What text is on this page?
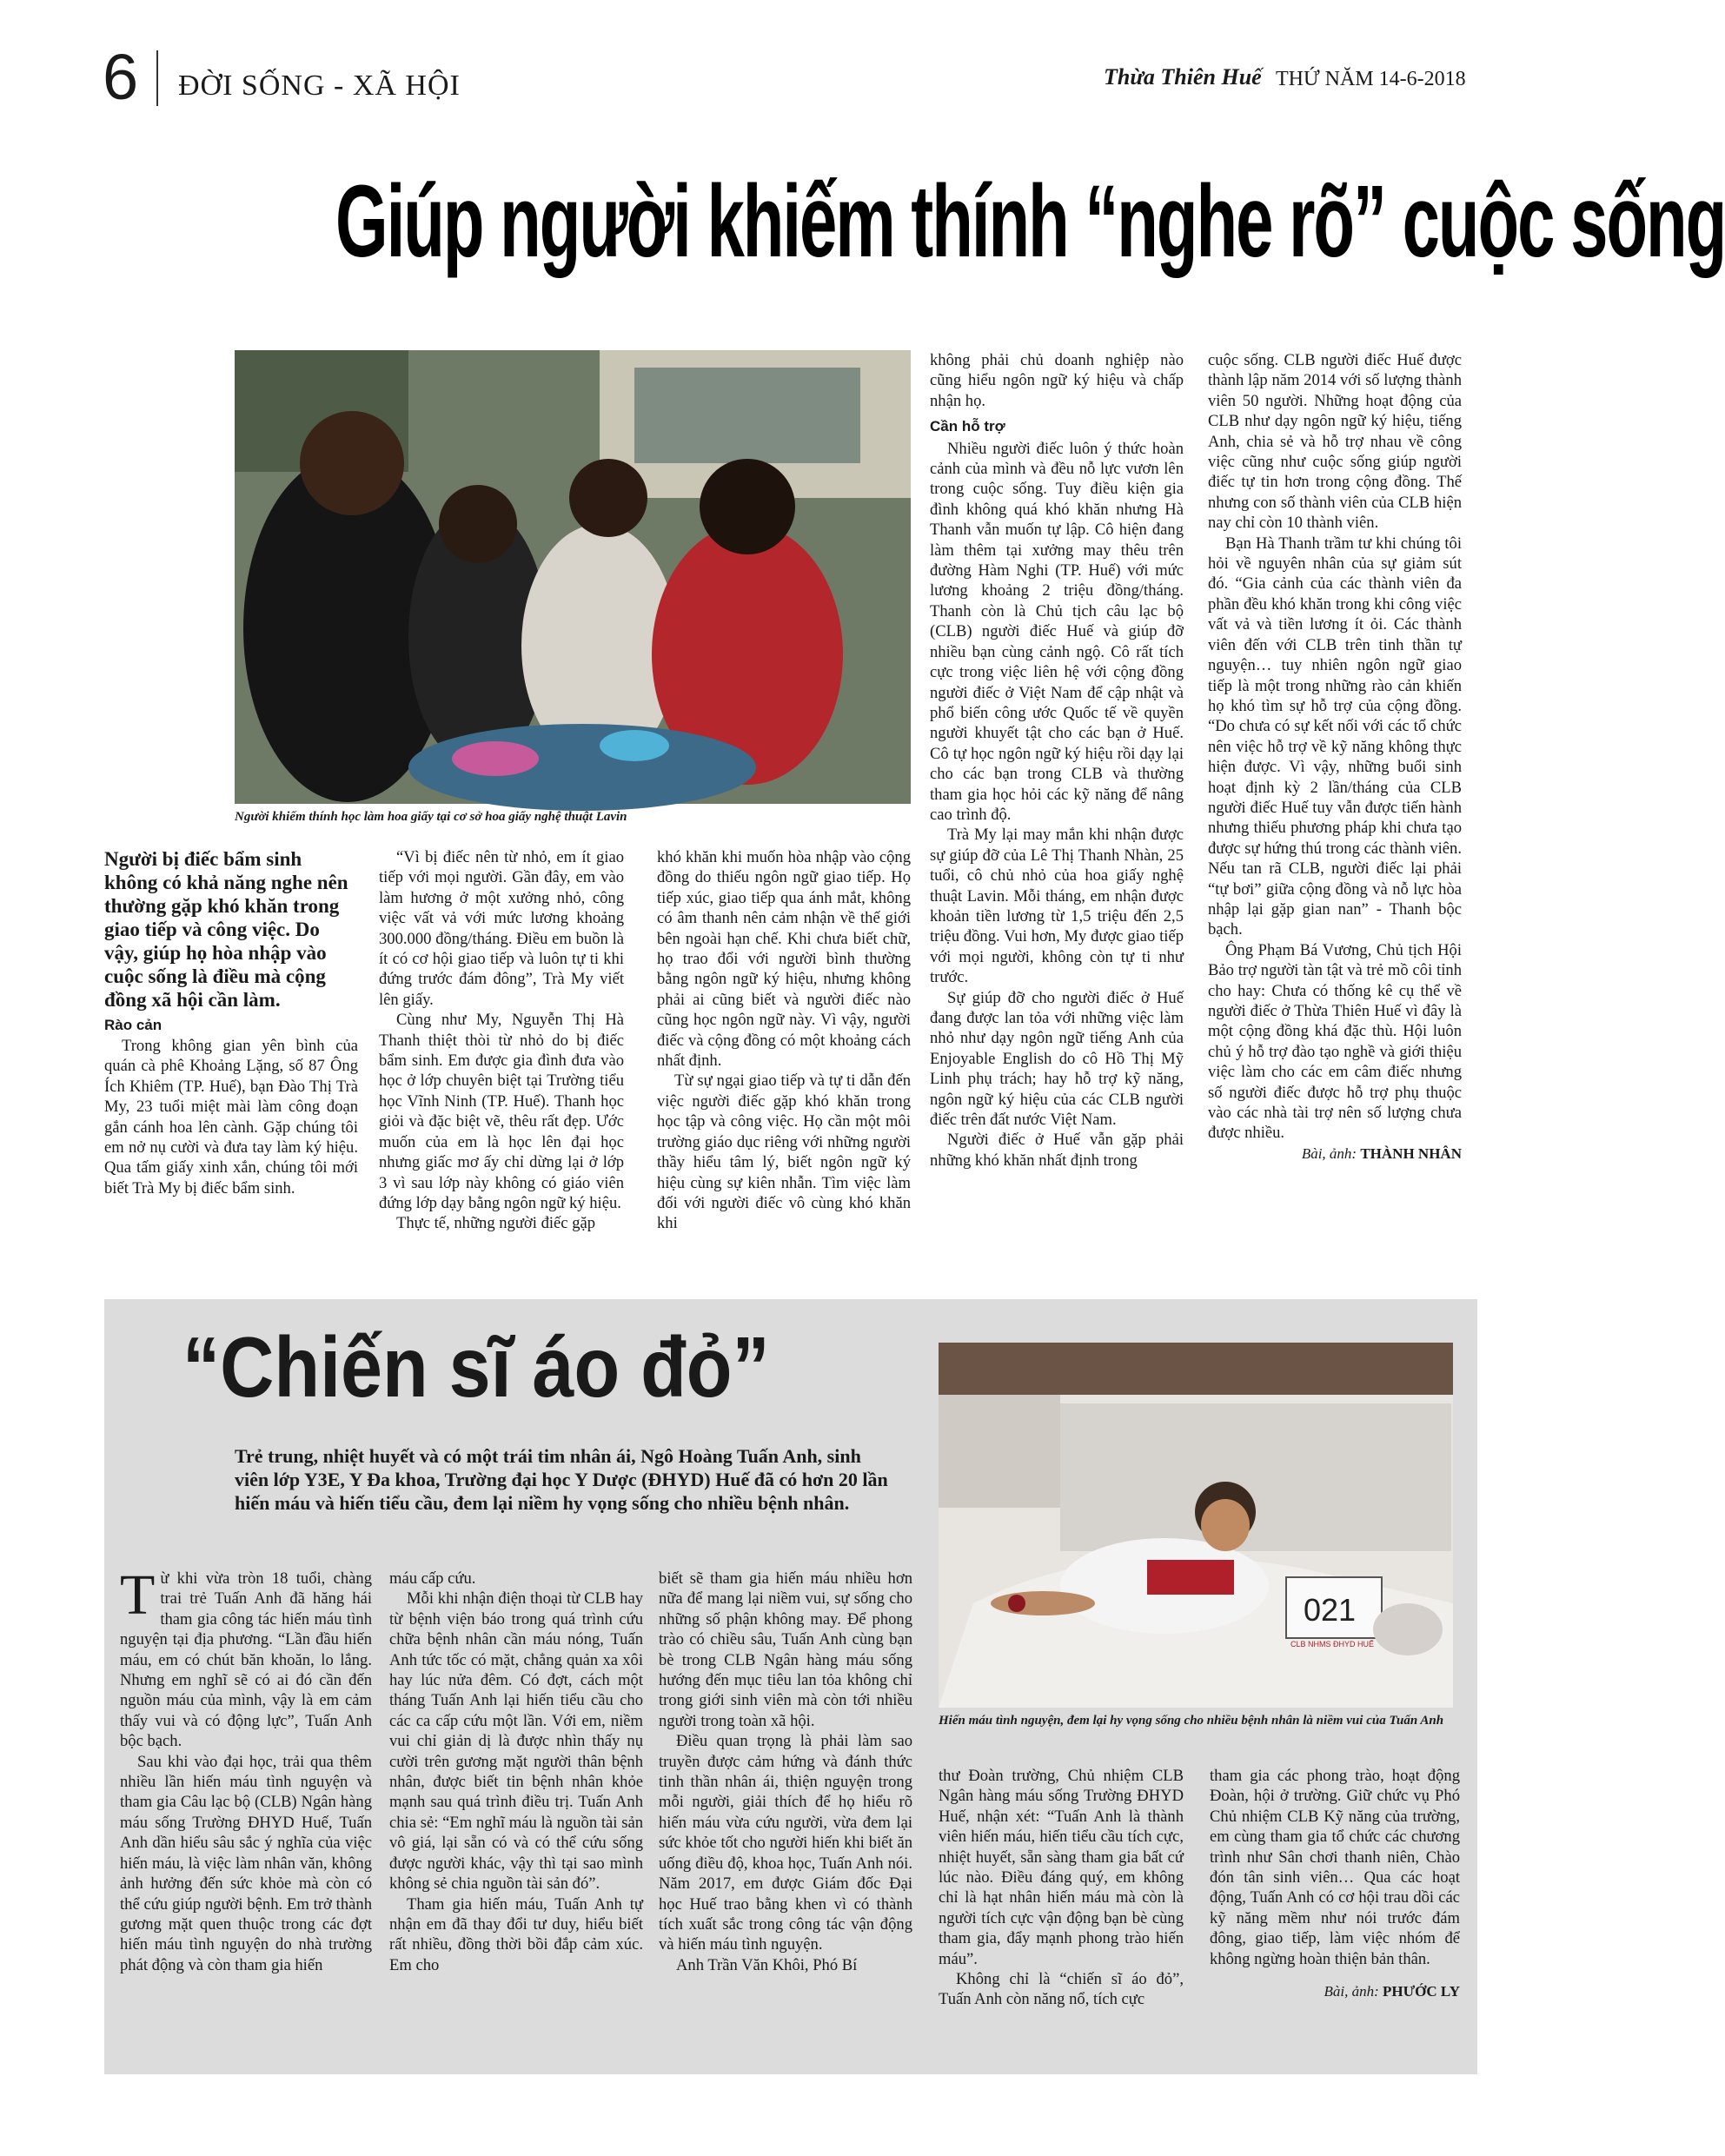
6 ĐỜI SỐNG - XÃ HỘI	Thừa Thiên Huế THỨ NĂM 14-6-2018
Giúp người khiếm thính “nghe rõ” cuộc sống
Người khiếm thính học làm hoa giấy tại cơ sở hoa giấy nghệ thuật Lavin
Người bị điếc bẩm sinh không có khả năng nghe nên thường gặp khó khăn trong giao tiếp và công việc. Do vậy, giúp họ hòa nhập vào cuộc sống là điều mà cộng đồng xã hội cần làm.
Rào cản

Trong không gian yên bình của quán cà phê Khoảng Lặng, số 87 Ông Ích Khiêm (TP. Huế), bạn Đào Thị Trà My, 23 tuổi miệt mài làm công đoạn gắn cánh hoa lên cành. Gặp chúng tôi em nở nụ cười và đưa tay làm ký hiệu. Qua tấm giấy xinh xắn, chúng tôi mới biết Trà My bị điếc bẩm sinh.

“Vì bị điếc nên từ nhỏ, em ít giao tiếp với mọi người. Gần đây, em vào làm hương ở một xưởng nhỏ, công việc vất vả với mức lương khoảng 300.000 đồng/tháng. Điều em buồn là ít có cơ hội giao tiếp và luôn tự ti khi đứng trước đám đông”, Trà My viết lên giấy.

Cùng như My, Nguyễn Thị Hà Thanh thiệt thòi từ nhỏ do bị điếc bẩm sinh. Em được gia đình đưa vào học ở lớp chuyên biệt tại Trường tiểu học Vĩnh Ninh (TP. Huế). Thanh học giỏi và đặc biệt vẽ, thêu rất đẹp. Ước muốn của em là học lên đại học nhưng giấc mơ ấy chỉ dừng lại ở lớp 3 vì sau lớp này không có giáo viên đứng lớp dạy bằng ngôn ngữ ký hiệu.

Thực tế, những người điếc gặp

khó khăn khi muốn hòa nhập vào cộng đồng do thiếu ngôn ngữ giao tiếp. Họ tiếp xúc, giao tiếp qua ánh mắt, không có âm thanh nên cảm nhận về thế giới bên ngoài hạn chế. Khi chưa biết chữ, họ trao đổi với người bình thường bằng ngôn ngữ ký hiệu, nhưng không phải ai cũng biết và người điếc nào cũng học ngôn ngữ này. Vì vậy, người điếc và cộng đồng có một khoảng cách nhất định.

Từ sự ngại giao tiếp và tự ti dẫn đến việc người điếc gặp khó khăn trong học tập và công việc. Họ cần một môi trường giáo dục riêng với những người thầy hiểu tâm lý, biết ngôn ngữ ký hiệu cùng sự kiên nhẫn. Tìm việc làm đối với người điếc vô cùng khó khăn khi

không phải chủ doanh nghiệp nào cũng hiểu ngôn ngữ ký hiệu và chấp nhận họ.

Cần hỗ trợ

Nhiều người điếc luôn ý thức hoàn cảnh của mình và đều nỗ lực vươn lên trong cuộc sống. Tuy điều kiện gia đình không quá khó khăn nhưng Hà Thanh vẫn muốn tự lập. Cô hiện đang làm thêm tại xưởng may thêu trên đường Hàm Nghi (TP. Huế) với mức lương khoảng 2 triệu đồng/tháng. Thanh còn là Chủ tịch câu lạc bộ (CLB) người điếc Huế và giúp đỡ nhiều bạn cùng cảnh ngộ. Cô rất tích cực trong việc liên hệ với cộng đồng người điếc ở Việt Nam để cập nhật và phổ biến công ước Quốc tế về quyền người khuyết tật cho các bạn ở Huế. Cô tự học ngôn ngữ ký hiệu rồi dạy lại cho các bạn trong CLB và thường tham gia học hỏi các kỹ năng để nâng cao trình độ.

Trà My lại may mắn khi nhận được sự giúp đỡ của Lê Thị Thanh Nhàn, 25 tuổi, cô chủ nhỏ của hoa giấy nghệ thuật Lavin. Mỗi tháng, em nhận được khoản tiền lương từ 1,5 triệu đến 2,5 triệu đồng. Vui hơn, My được giao tiếp với mọi người, không còn tự ti như trước.

Sự giúp đỡ cho người điếc ở Huế đang được lan tỏa với những việc làm nhỏ như dạy ngôn ngữ tiếng Anh của Enjoyable English do cô Hồ Thị Mỹ Linh phụ trách; hay hỗ trợ kỹ năng, ngôn ngữ ký hiệu của các CLB người điếc trên đất nước Việt Nam.

Người điếc ở Huế vẫn gặp phải những khó khăn nhất định trong

cuộc sống. CLB người điếc Huế được thành lập năm 2014 với số lượng thành viên 50 người. Những hoạt động của CLB như dạy ngôn ngữ ký hiệu, tiếng Anh, chia sẻ và hỗ trợ nhau về công việc cũng như cuộc sống giúp người điếc tự tin hơn trong cộng đồng. Thế nhưng con số thành viên của CLB hiện nay chỉ còn 10 thành viên.

Bạn Hà Thanh trầm tư khi chúng tôi hỏi về nguyên nhân của sự giảm sút đó. “Gia cảnh của các thành viên đa phần đều khó khăn trong khi công việc vất vả và tiền lương ít ỏi. Các thành viên đến với CLB trên tinh thần tự nguyện… tuy nhiên ngôn ngữ giao tiếp là một trong những rào cản khiến họ khó tìm sự hỗ trợ của cộng đồng. “Do chưa có sự kết nối với các tổ chức nên việc hỗ trợ về kỹ năng không thực hiện được. Vì vậy, những buổi sinh hoạt định kỳ 2 lần/tháng của CLB người điếc Huế tuy vẫn được tiến hành nhưng thiếu phương pháp khi chưa tạo được sự hứng thú trong các thành viên. Nếu tan rã CLB, người điếc lại phải “tự bơi” giữa cộng đồng và nỗ lực hòa nhập lại gặp gian nan” - Thanh bộc bạch.

Ông Phạm Bá Vương, Chủ tịch Hội Bảo trợ người tàn tật và trẻ mồ côi tỉnh cho hay: Chưa có thống kê cụ thể về người điếc ở Thừa Thiên Huế vì đây là một cộng đồng khá đặc thù. Hội luôn chủ ý hỗ trợ đào tạo nghề và giới thiệu việc làm cho các em câm điếc nhưng số người điếc được hỗ trợ phụ thuộc vào các nhà tài trợ nên số lượng chưa được nhiều.

Bài, ảnh: THÀNH NHÂN
“Chiến sĩ áo đỏ”
Trẻ trung, nhiệt huyết và có một trái tim nhân ái, Ngô Hoàng Tuấn Anh, sinh viên lớp Y3E, Y Đa khoa, Trường đại học Y Dược (ĐHYD) Huế đã có hơn 20 lần hiến máu và hiến tiểu cầu, đem lại niềm hy vọng sống cho nhiều bệnh nhân.
021
CLB NHMS ĐHYD HUẾ
Hiến máu tình nguyện, đem lại hy vọng sống cho nhiều bệnh nhân là niềm vui của Tuấn Anh

Từ khi vừa tròn 18 tuổi, chàng trai trẻ Tuấn Anh đã hăng hái tham gia công tác hiến máu tình nguyện tại địa phương. “Lần đầu hiến máu, em có chút băn khoăn, lo lắng. Nhưng em nghĩ sẽ có ai đó cần đến nguồn máu của mình, vậy là em cảm thấy vui và có động lực”, Tuấn Anh bộc bạch.

Sau khi vào đại học, trải qua thêm nhiều lần hiến máu tình nguyện và tham gia Câu lạc bộ (CLB) Ngân hàng máu sống Trường ĐHYD Huế, Tuấn Anh dần hiểu sâu sắc ý nghĩa của việc hiến máu, là việc làm nhân văn, không ảnh hưởng đến sức khỏe mà còn có thể cứu giúp người bệnh. Em trở thành gương mặt quen thuộc trong các đợt hiến máu tình nguyện do nhà trường phát động và còn tham gia hiến

máu cấp cứu.

Mỗi khi nhận điện thoại từ CLB hay từ bệnh viện báo trong quá trình cứu chữa bệnh nhân cần máu nóng, Tuấn Anh tức tốc có mặt, chẳng quản xa xôi hay lúc nửa đêm. Có đợt, cách một tháng Tuấn Anh lại hiến tiểu cầu cho các ca cấp cứu một lần. Với em, niềm vui chỉ giản dị là được nhìn thấy nụ cười trên gương mặt người thân bệnh nhân, được biết tin bệnh nhân khỏe mạnh sau quá trình điều trị. Tuấn Anh chia sẻ: “Em nghĩ máu là nguồn tài sản vô giá, lại sẵn có và có thể cứu sống được người khác, vậy thì tại sao mình không sẻ chia nguồn tài sản đó”.

Tham gia hiến máu, Tuấn Anh tự nhận em đã thay đổi tư duy, hiểu biết rất nhiều, đồng thời bồi đắp cảm xúc. Em cho

biết sẽ tham gia hiến máu nhiều hơn nữa để mang lại niềm vui, sự sống cho những số phận không may. Để phong trào có chiều sâu, Tuấn Anh cùng bạn bè trong CLB Ngân hàng máu sống hướng đến mục tiêu lan tỏa không chỉ trong giới sinh viên mà còn tới nhiều người trong toàn xã hội.

Điều quan trọng là phải làm sao truyền được cảm hứng và đánh thức tinh thần nhân ái, thiện nguyện trong mỗi người, giải thích để họ hiểu rõ hiến máu vừa cứu người, vừa đem lại sức khỏe tốt cho người hiến khi biết ăn uống điều độ, khoa học, Tuấn Anh nói. Năm 2017, em được Giám đốc Đại học Huế trao bằng khen vì có thành tích xuất sắc trong công tác vận động và hiến máu tình nguyện.

Anh Trần Văn Khôi, Phó Bí

thư Đoàn trường, Chủ nhiệm CLB Ngân hàng máu sống Trường ĐHYD Huế, nhận xét: “Tuấn Anh là thành viên hiến máu, hiến tiểu cầu tích cực, nhiệt huyết, sẵn sàng tham gia bất cứ lúc nào. Điều đáng quý, em không chỉ là hạt nhân hiến máu mà còn là người tích cực vận động bạn bè cùng tham gia, đẩy mạnh phong trào hiến máu”.

Không chỉ là “chiến sĩ áo đỏ”, Tuấn Anh còn năng nổ, tích cực

tham gia các phong trào, hoạt động Đoàn, hội ở trường. Giữ chức vụ Phó Chủ nhiệm CLB Kỹ năng của trường, em cùng tham gia tổ chức các chương trình như Sân chơi thanh niên, Chào đón tân sinh viên… Qua các hoạt động, Tuấn Anh có cơ hội trau dồi các kỹ năng mềm như nói trước đám đông, giao tiếp, làm việc nhóm để không ngừng hoàn thiện bản thân.

Bài, ảnh: PHƯỚC LY
